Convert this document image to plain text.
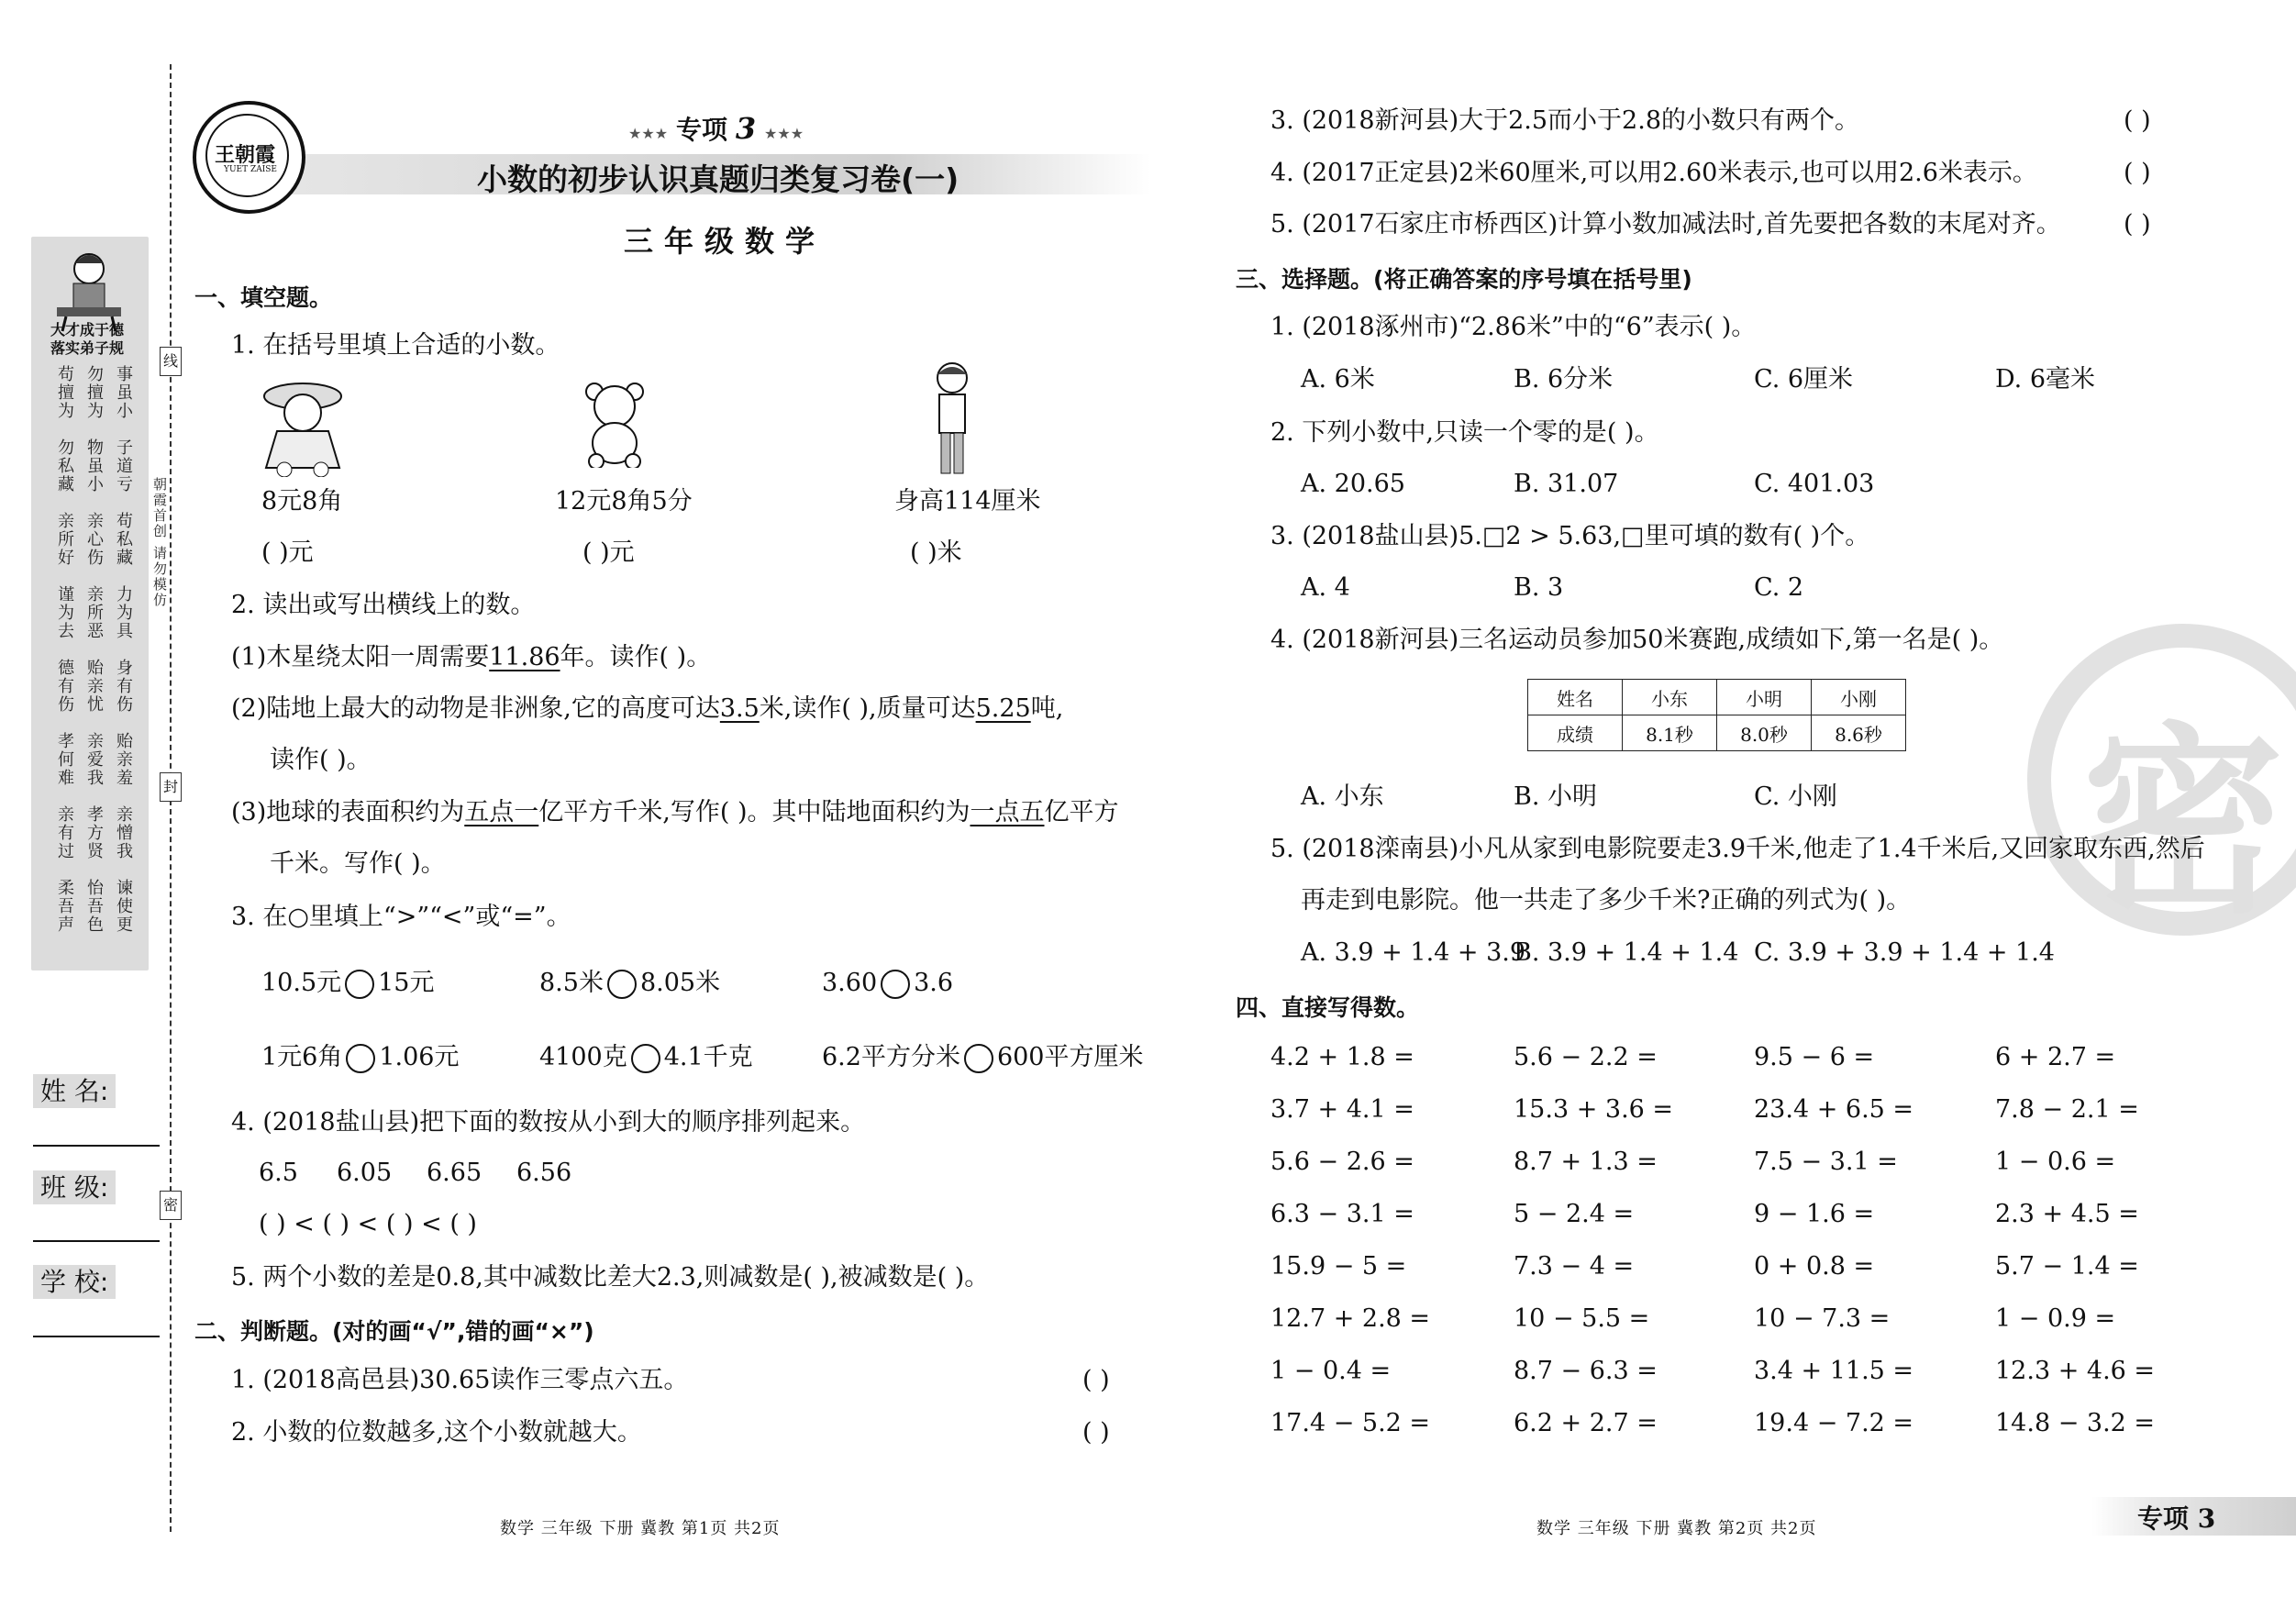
大才成于德
落实弟子规
事虽小
勿擅为
苟擅为
子道亏
物虽小
勿私藏
苟私藏
亲心伤
亲所好
力为具
亲所恶
谨为去
身有伤
贻亲忧
德有伤
贻亲羞
亲爱我
孝何难
亲憎我
孝方贤
亲有过
谏使更
怡吾色
柔吾声
线
封
密
朝霞首创 请勿模仿
姓 名:
班 级:
学 校:
王朝霞
YUET ZAISE
★★★ 专项 3 ★★★
小数的初步认识真题归类复习卷(一)
三年级数学
一、填空题。
1. 在括号里填上合适的小数。
8元8角	12元8角5分	身高114厘米
( )元	( )元	( )米
2. 读出或写出横线上的数。
(1)木星绕太阳一周需要11.86年。读作( )。
(2)陆地上最大的动物是非洲象,它的高度可达3.5米,读作( ),质量可达5.25吨,
读作( )。
(3)地球的表面积约为五点一亿平方千米,写作( )。其中陆地面积约为一点五亿平方
千米。写作( )。
3. 在○里填上“>”“<”或“=”。
10.5元 15元	8.5米 8.05米	3.60 3.6
1元6角 1.06元	4100克 4.1千克	6.2平方分米 600平方厘米
4. (2018盐山县)把下面的数按从小到大的顺序排列起来。
6.5 6.05 6.65 6.56
( ) < ( ) < ( ) < ( )
5. 两个小数的差是0.8,其中减数比差大2.3,则减数是( ),被减数是( )。
二、判断题。(对的画“√”,错的画“×”)
1. (2018高邑县)30.65读作三零点六五。	( )
2. 小数的位数越多,这个小数就越大。	( )
数学 三年级 下册 冀教 第1页 共2页
密
3. (2018新河县)大于2.5而小于2.8的小数只有两个。	( )
4. (2017正定县)2米60厘米,可以用2.60米表示,也可以用2.6米表示。	( )
5. (2017石家庄市桥西区)计算小数加减法时,首先要把各数的末尾对齐。	( )
三、选择题。(将正确答案的序号填在括号里)
1. (2018涿州市)“2.86米”中的“6”表示( )。
A. 6米	B. 6分米	C. 6厘米	D. 6毫米
2. 下列小数中,只读一个零的是( )。
A. 20.65	B. 31.07	C. 401.03
3. (2018盐山县)5.□2 > 5.63,□里可填的数有( )个。
A. 4	B. 3	C. 2
4. (2018新河县)三名运动员参加50米赛跑,成绩如下,第一名是( )。
姓名	小东	小明	小刚
成绩	8.1秒	8.0秒	8.6秒
A. 小东	B. 小明	C. 小刚
5. (2018滦南县)小凡从家到电影院要走3.9千米,他走了1.4千米后,又回家取东西,然后
再走到电影院。他一共走了多少千米?正确的列式为( )。
A. 3.9 + 1.4 + 3.9
B. 3.9 + 1.4 + 1.4 C. 3.9 + 3.9 + 1.4 + 1.4
四、直接写得数。
4.2 + 1.8 =	5.6 − 2.2 =	9.5 − 6 =	6 + 2.7 =
3.7 + 4.1 =	15.3 + 3.6 =	23.4 + 6.5 =	7.8 − 2.1 =
5.6 − 2.6 =	8.7 + 1.3 =	7.5 − 3.1 =	1 − 0.6 =
6.3 − 3.1 =	5 − 2.4 =	9 − 1.6 =	2.3 + 4.5 =
15.9 − 5 =	7.3 − 4 =	0 + 0.8 =	5.7 − 1.4 =
12.7 + 2.8 =	10 − 5.5 =	10 − 7.3 =	1 − 0.9 =
1 − 0.4 =	8.7 − 6.3 =	3.4 + 11.5 =	12.3 + 4.6 =
17.4 − 5.2 =	6.2 + 2.7 =	19.4 − 7.2 =	14.8 − 3.2 =
数学 三年级 下册 冀教 第2页 共2页	专项 3
